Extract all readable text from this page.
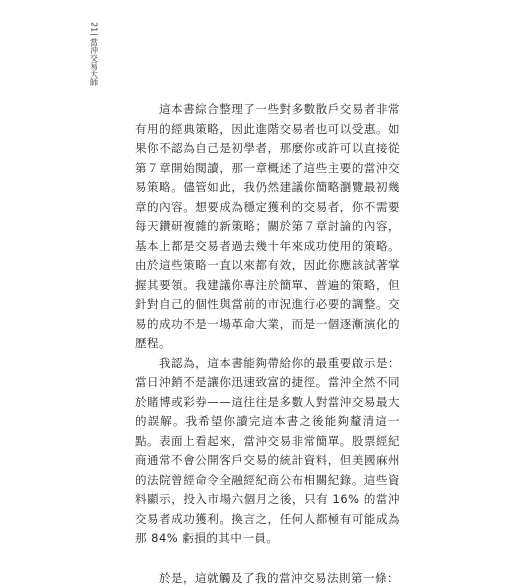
21
當沖交易大師

這本書綜合整理了一些對多數散戶交易者非常有用的經典策略，因此進階交易者也可以受惠。如果你不認為自己是初學者，那麼你或許可以直接從第７章開始閱讀，那一章概述了這些主要的當沖交易策略。儘管如此，我仍然建議你簡略瀏覽最初幾章的內容。想要成為穩定獲利的交易者，你不需要每天鑽研複雜的新策略；關於第７章討論的內容，基本上都是交易者過去幾十年來成功使用的策略。由於這些策略一直以來都有效，因此你應該試著掌握其要領。我建議你專注於簡單、普遍的策略，但針對自己的個性與當前的市況進行必要的調整。交易的成功不是一場革命大業，而是一個逐漸演化的歷程。

我認為，這本書能夠帶給你的最重要啟示是：當日沖銷不是讓你迅速致富的捷徑。當沖全然不同於賭博或彩券——這往往是多數人對當沖交易最大的誤解。我希望你讀完這本書之後能夠釐清這一點。表面上看起來，當沖交易非常簡單。股票經紀商通常不會公開客戶交易的統計資料，但美國麻州的法院曾經命令全融經紀商公布相關紀錄。這些資料顯示，投入市場六個月之後，只有 16% 的當沖交易者成功獲利。換言之，任何人都極有可能成為那 84% 虧損的其中一員。

於是，這就觸及了我的當沖交易法則第一條：
